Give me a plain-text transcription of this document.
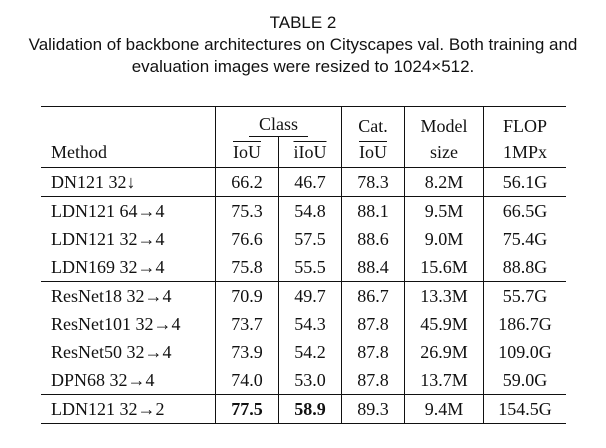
TABLE 2
Validation of backbone architectures on Cityscapes val. Both training and evaluation images were resized to 1024×512.
	Class		Cat.	Model	FLOP
Method	$\overline{IoU}$	iIoU	$\overline{IoU}$	size	1MPx
DN121 32↓	66.2	46.7	78.3	8.2M	56.1G
LDN121 64→4	75.3	54.8	88.1	9.5M	66.5G
LDN121 32→4	76.6	57.5	88.6	9.0M	75.4G
LDN169 32→4	75.8	55.5	88.4	15.6M	88.8G
ResNet18 32→4	70.9	49.7	86.7	13.3M	55.7G
ResNet101 32→4	73.7	54.3	87.8	45.9M	186.7G
ResNet50 32→4	73.9	54.2	87.8	26.9M	109.0G
DPN68 32→4	74.0	53.0	87.8	13.7M	59.0G
LDN121 32→2	77.5	58.9	89.3	9.4M	154.5G
